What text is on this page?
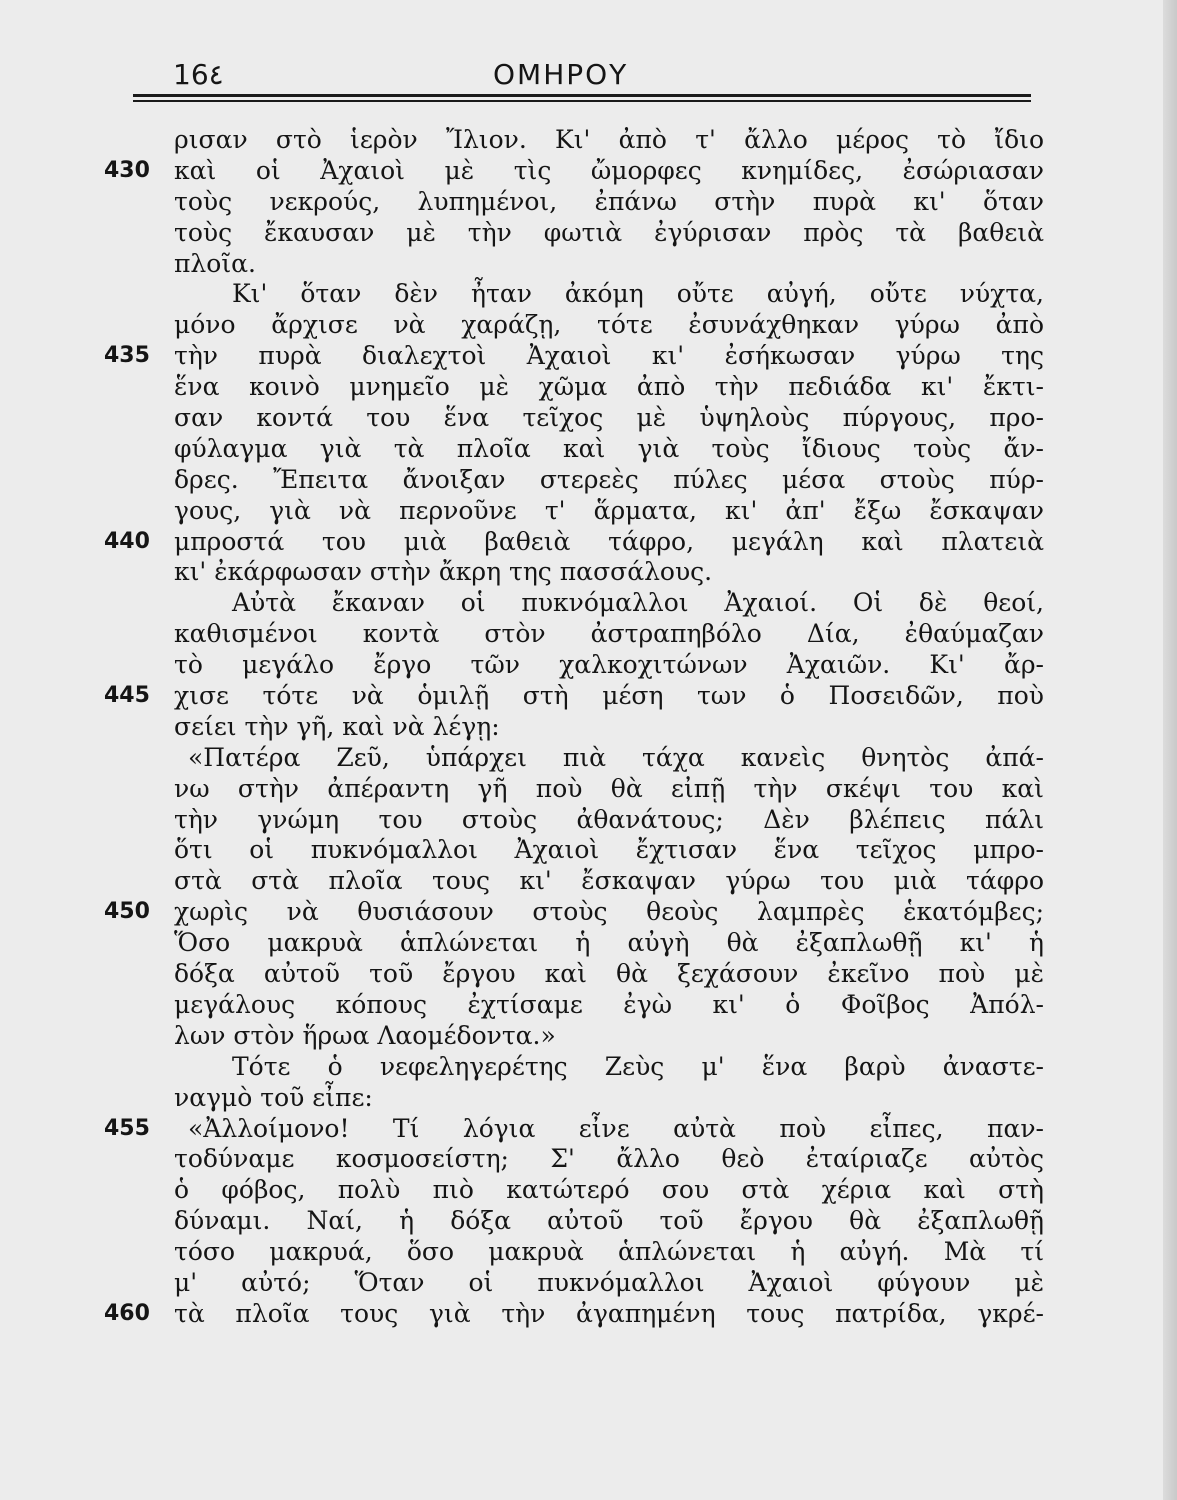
16٤	ΟΜΗΡΟΥ
ρισαν στὸ ἱερὸν Ἴλιον. Κι' ἀπὸ τ' ἄλλο μέρος τὸ ἴδιο
430 καὶ οἱ Ἀχαιοὶ μὲ τὶς ὤμορφες κνημίδες, ἐσώριασαν
τοὺς νεκρούς, λυπημένοι, ἐπάνω στὴν πυρὰ κι' ὅταν
τοὺς ἔκαυσαν μὲ τὴν φωτιὰ ἐγύρισαν πρὸς τὰ βαθειὰ
πλοῖα.
Κι' ὅταν δὲν ἦταν ἀκόμη οὔτε αὐγή, οὔτε νύχτα,
μόνο ἄρχισε νὰ χαράζῃ, τότε ἐσυνάχθηκαν γύρω ἀπὸ
435 τὴν πυρὰ διαλεχτοὶ Ἀχαιοὶ κι' ἐσήκωσαν γύρω της
ἕνα κοινὸ μνημεῖο μὲ χῶμα ἀπὸ τὴν πεδιάδα κι' ἔκτι-
σαν κοντά του ἕνα τεῖχος μὲ ὑψηλοὺς πύργους, προ-
φύλαγμα γιὰ τὰ πλοῖα καὶ γιὰ τοὺς ἴδιους τοὺς ἄν-
δρες. Ἔπειτα ἄνοιξαν στερεὲς πύλες μέσα στοὺς πύρ-
γους, γιὰ νὰ περνοῦνε τ' ἅρματα, κι' ἀπ' ἔξω ἔσκαψαν
440 μπροστά του μιὰ βαθειὰ τάφρο, μεγάλη καὶ πλατειὰ
κι' ἐκάρφωσαν στὴν ἄκρη της πασσάλους.
Αὐτὰ ἔκαναν οἱ πυκνόμαλλοι Ἀχαιοί. Οἱ δὲ θεοί,
καθισμένοι κοντὰ στὸν ἀστραπηβόλο Δία, ἐθαύμαζαν
τὸ μεγάλο ἔργο τῶν χαλκοχιτώνων Ἀχαιῶν. Κι' ἄρ-
445 χισε τότε νὰ ὁμιλῇ στὴ μέση των ὁ Ποσειδῶν, ποὺ
σείει τὴν γῆ, καὶ νὰ λέγῃ:
«Πατέρα Ζεῦ, ὑπάρχει πιὰ τάχα κανεὶς θνητὸς ἀπά-
νω στὴν ἀπέραντη γῆ ποὺ θὰ εἰπῇ τὴν σκέψι του καὶ
τὴν γνώμη του στοὺς ἀθανάτους; Δὲν βλέπεις πάλι
ὅτι οἱ πυκνόμαλλοι Ἀχαιοὶ ἔχτισαν ἕνα τεῖχος μπρο-
στὰ στὰ πλοῖα τους κι' ἔσκαψαν γύρω του μιὰ τάφρο
450 χωρὶς νὰ θυσιάσουν στοὺς θεοὺς λαμπρὲς ἑκατόμβες;
Ὅσο μακρυὰ ἁπλώνεται ἡ αὐγὴ θὰ ἐξαπλωθῇ κι' ἡ
δόξα αὐτοῦ τοῦ ἔργου καὶ θὰ ξεχάσουν ἐκεῖνο ποὺ μὲ
μεγάλους κόπους ἐχτίσαμε ἐγὼ κι' ὁ Φοῖβος Ἀπόλ-
λων στὸν ἥρωα Λαομέδοντα.»
Τότε ὁ νεφεληγερέτης Ζεὺς μ' ἕνα βαρὺ ἀναστε-
ναγμὸ τοῦ εἶπε:
455 «Ἀλλοίμονο! Τί λόγια εἶνε αὐτὰ ποὺ εἶπες, παν-
τοδύναμε κοσμοσείστη; Σ' ἄλλο θεὸ ἐταίριαζε αὐτὸς
ὁ φόβος, πολὺ πιὸ κατώτερό σου στὰ χέρια καὶ στὴ
δύναμι. Ναί, ἡ δόξα αὐτοῦ τοῦ ἔργου θὰ ἐξαπλωθῇ
τόσο μακρυά, ὅσο μακρυὰ ἁπλώνεται ἡ αὐγή. Μὰ τί
μ' αὐτό; Ὅταν οἱ πυκνόμαλλοι Ἀχαιοὶ φύγουν μὲ
460 τὰ πλοῖα τους γιὰ τὴν ἀγαπημένη τους πατρίδα, γκρέ-
